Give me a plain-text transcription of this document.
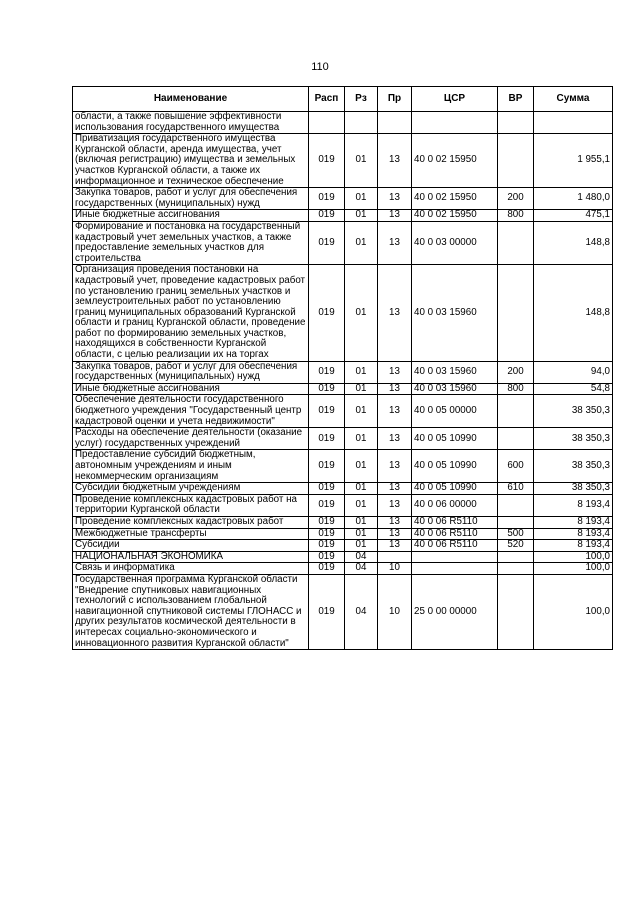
110
Наименование	Расп	Рз	Пр	ЦСР	ВР	Сумма
области, а также повышение эффективности использования государственного имущества						
Приватизация государственного имущества Курганской области, аренда имущества, учет (включая регистрацию) имущества и земельных участков Курганской области, а также их информационное и техническое обеспечение	019	01	13	40 0 02 15950		1 955,1
Закупка товаров, работ и услуг для обеспечения государственных (муниципальных) нужд	019	01	13	40 0 02 15950	200	1 480,0
Иные бюджетные ассигнования	019	01	13	40 0 02 15950	800	475,1
Формирование и постановка на государственный кадастровый учет земельных участков, а также предоставление земельных участков для строительства	019	01	13	40 0 03 00000		148,8
Организация проведения постановки на кадастровый учет, проведение кадастровых работ по установлению границ земельных участков и землеустроительных работ по установлению границ муниципальных образований Курганской области и границ Курганской области, проведение работ по формированию земельных участков, находящихся в собственности Курганской области, с целью реализации их на торгах	019	01	13	40 0 03 15960		148,8
Закупка товаров, работ и услуг для обеспечения государственных (муниципальных) нужд	019	01	13	40 0 03 15960	200	94,0
Иные бюджетные ассигнования	019	01	13	40 0 03 15960	800	54,8
Обеспечение деятельности государственного бюджетного учреждения "Государственный центр кадастровой оценки и учета недвижимости"	019	01	13	40 0 05 00000		38 350,3
Расходы на обеспечение деятельности (оказание услуг) государственных учреждений	019	01	13	40 0 05 10990		38 350,3
Предоставление субсидий бюджетным, автономным учреждениям и иным некоммерческим организациям	019	01	13	40 0 05 10990	600	38 350,3
Субсидии бюджетным учреждениям	019	01	13	40 0 05 10990	610	38 350,3
Проведение комплексных кадастровых работ на территории Курганской области	019	01	13	40 0 06 00000		8 193,4
Проведение комплексных кадастровых работ	019	01	13	40 0 06 R5110		8 193,4
Межбюджетные трансферты	019	01	13	40 0 06 R5110	500	8 193,4
Субсидии	019	01	13	40 0 06 R5110	520	8 193,4
НАЦИОНАЛЬНАЯ ЭКОНОМИКА	019	04				100,0
Связь и информатика	019	04	10			100,0
Государственная программа Курганской области "Внедрение спутниковых навигационных технологий с использованием глобальной навигационной спутниковой системы ГЛОНАСС и других результатов космической деятельности в интересах социально-экономического и инновационного развития Курганской области"	019	04	10	25 0 00 00000		100,0
